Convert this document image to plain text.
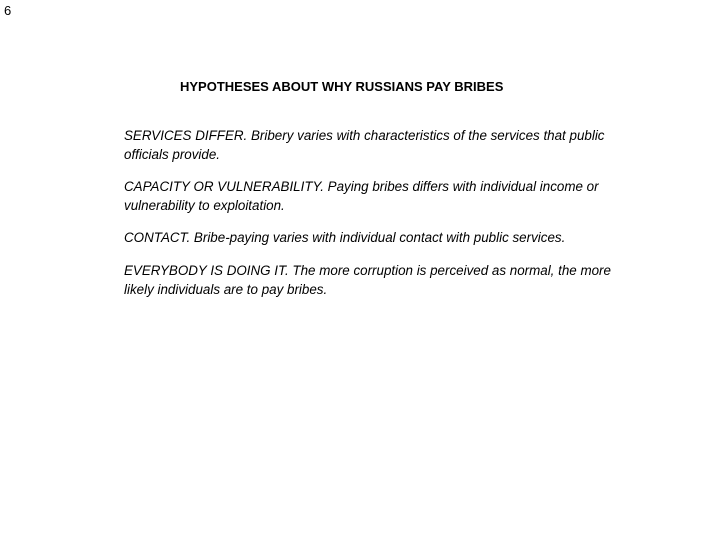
6
HYPOTHESES ABOUT WHY RUSSIANS PAY BRIBES
SERVICES DIFFER. Bribery varies with characteristics of the services that public
officials provide.
CAPACITY OR VULNERABILITY. Paying bribes differs with individual income or
vulnerability to exploitation.
CONTACT. Bribe-paying varies with individual contact with public services.
EVERYBODY IS DOING IT. The more corruption is perceived as normal, the more
likely individuals are to pay bribes.
